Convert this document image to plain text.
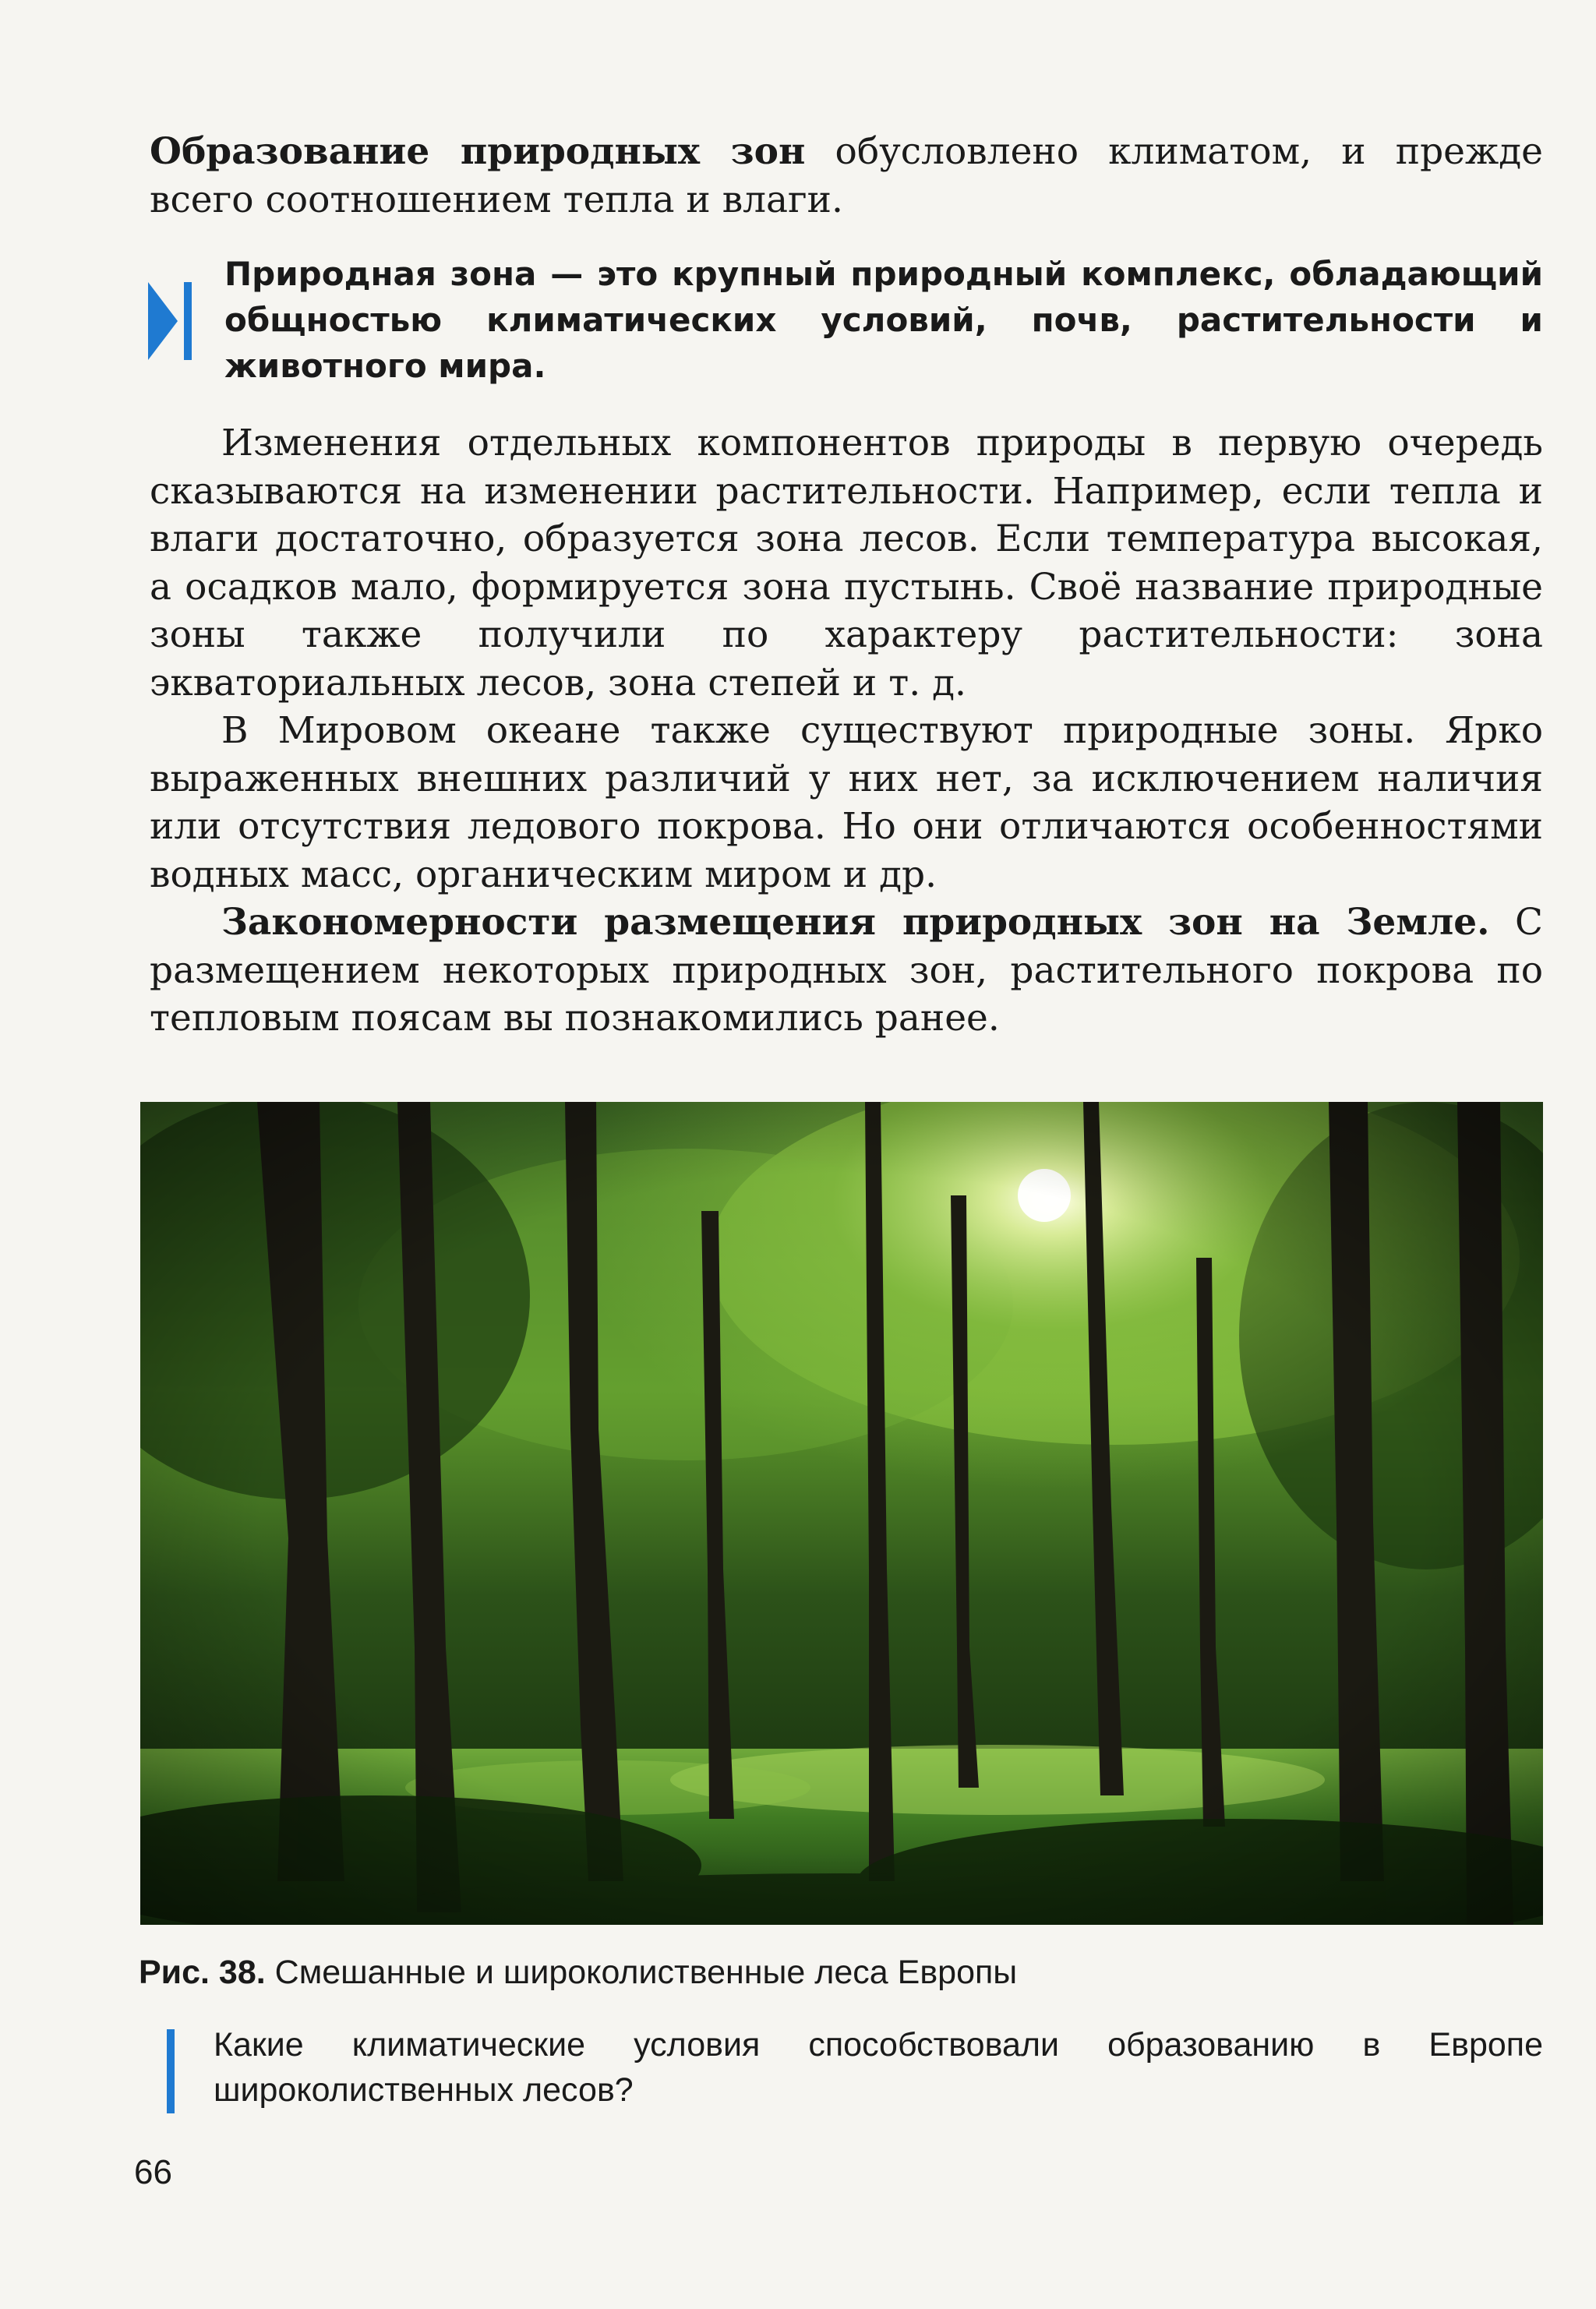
Образование природных зон обусловлено климатом, и прежде всего соотношением тепла и влаги.

Природная зона — это крупный природный комплекс, обладающий общностью климатических условий, почв, растительности и животного мира.

Изменения отдельных компонентов природы в первую очередь сказываются на изменении растительности. Например, если тепла и влаги достаточно, образуется зона лесов. Если температура высокая, а осадков мало, формируется зона пустынь. Своё название природные зоны также получили по характеру растительности: зона экваториальных лесов, зона степей и т. д.

В Мировом океане также существуют природные зоны. Ярко выраженных внешних различий у них нет, за исключением наличия или отсутствия ледового покрова. Но они отличаются особенностями водных масс, органическим миром и др.

Закономерности размещения природных зон на Земле. С размещением некоторых природных зон, растительного покрова по тепловым поясам вы познакомились ранее.

Рис. 38. Смешанные и широколиственные леса Европы

Какие климатические условия способствовали образованию в Европе широколиственных лесов?

66
